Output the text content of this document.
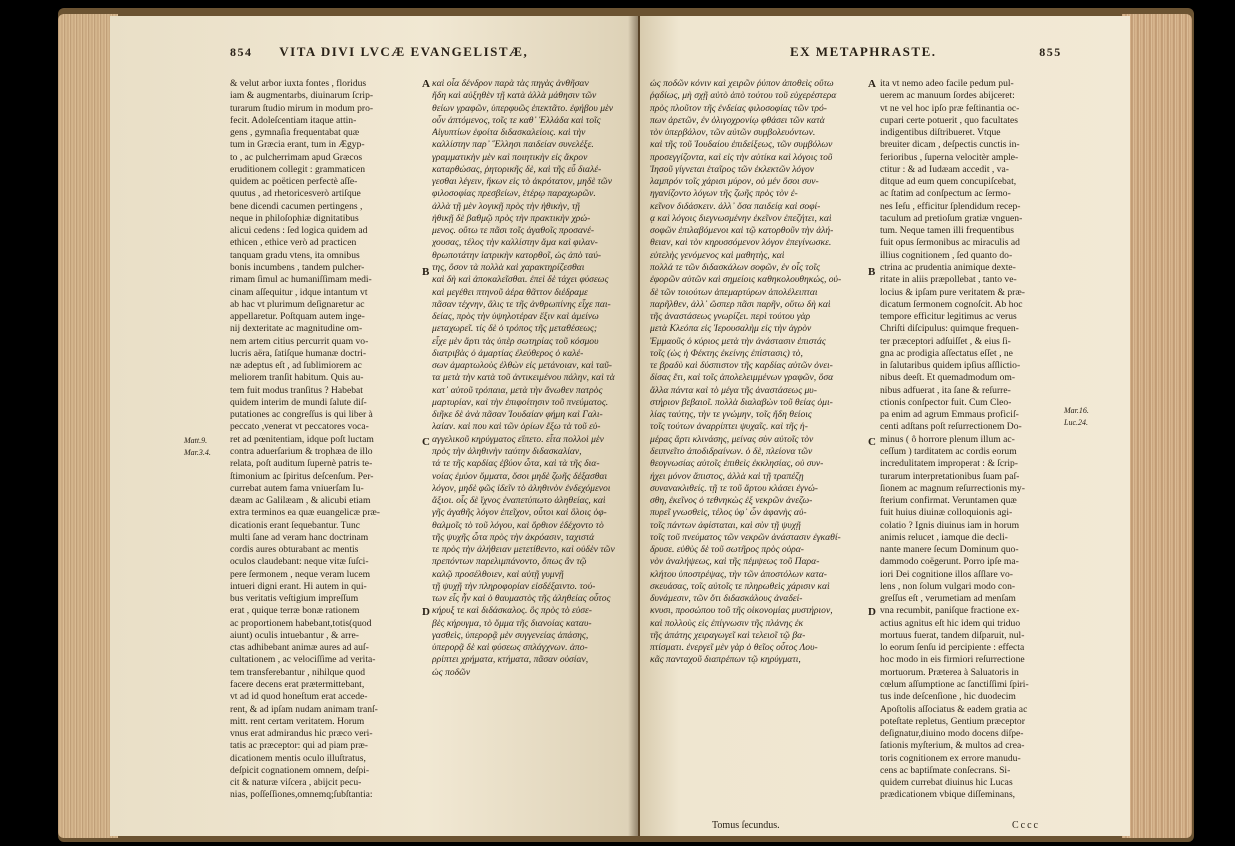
854 VITA DIVI LVCÆ EVANGELISTÆ,
& velut arbor iuxta fontes , floridus
iam & augmentarbs, diuinarum ſcrip-
turarum ſtudio mirum in modum pro-
fecit. Adoleſcentiam itaque attin-
gens , gymnaſia frequentabat quæ
tum in Græcia erant, tum in Ægyp-
to , ac pulcherrimam apud Græcos
eruditionem collegit : grammaticen
quidem ac poëticen perfectè aſſe-
quutus , ad rhetoricesverò artiſque
bene dicendi cacumen pertingens ,
neque in philoſophiæ dignitatibus
alicui cedens : ſed logica quidem ad
ethicen , ethice verò ad practicen
tanquam gradu vtens, ita omnibus
bonis incumbens , tandem pulcher-
rimam ſimul ac humaniſſimam medi-
cinam aſſequitur , idque intantum vt
ab hac vt plurimum deſignaretur ac
appellaretur. Poſtquam autem inge-
nij dexteritate ac magnitudine om-
nem artem citius percurrit quam vo-
lucris aëra, ſatiſque humanæ doctri-
næ adeptus eſt , ad ſublimiorem ac
meliorem tranſit habitum. Quis au-
tem fuit modus tranſitus ? Habebat
quidem interim de mundi ſalute diſ-
putationes ac congreſſus is qui liber à
peccato ,venerat vt peccatores voca-
ret ad pœnitentiam, idque poſt luctam
contra aduerſarium & trophæa de illo
relata, poſt auditum ſupernè patris te-
ſtimonium ac ſpiritus deſcenſum. Per-
currebat autem fama vniuerſam Iu-
dæam ac Galilæam , & alicubi etiam
extra terminos ea quæ euangelicæ præ-
dicationis erant ſequebantur. Tunc
multi ſane ad veram hanc doctrinam
cordis aures obturabant ac mentis
oculos claudebant: neque vitæ ſuſci-
pere ſermonem , neque veram lucem
intueri digni erant. Hi autem in qui-
bus veritatis veſtigium impreſſum
erat , quique terræ bonæ rationem
ac proportionem habebant,totis(quod
aiunt) oculis intuebantur , & arre-
ctas adhibebant animæ aures ad auſ-
cultationem , ac velociſſime ad verita-
tem transferebantur , nihilque quod
facere decens erat prætermittebant,
vt ad id quod honeſtum erat accede-
rent, & ad ipſam nudam animam tranſ-
mitt. rent certam veritatem. Horum
vnus erat admirandus hic præco veri-
tatis ac præceptor: qui ad piam præ-
dicationem mentis oculo illuſtratus,
deſpicit cognationem omnem, deſpi-
cit & naturæ viſcera , abijcit pecu-
nias, poſſeſſiones,omnemq;ſubſtantia:
καὶ οἷα δένδρον παρὰ τὰς πηγὰς ἀνθῆσαν
ἤδη καὶ αὐξηθὲν τῇ κατὰ ἀλλὰ μάθησιν τῶν
θείων γραφῶν, ὑπερφυῶς ἐπεκτᾶτο. ἐφήβου μὲν
οὖν ἁπτόμενος, τοῖς τε καθ᾽ Ἑλλάδα καὶ τοῖς
Αἰγυπτίων ἐφοίτα διδασκαλείοις. καὶ τὴν
καλλίστην παρ᾽ Ἕλλησι παιδείαν συνελέξε.
γραμματικὴν μὲν καὶ ποιητικὴν εἰς ἄκρον
καταρθώσας, ῥητορικῆς δὲ, καὶ τῆς εὖ διαλέ-
γεσθαι λέγειν, ἥκων εἰς τὸ ἀκρότατον, μηδὲ τῶν
φιλοσοφίας πρεσβείων, ἑτέρῳ παραχωρῶν.
ἀλλὰ τῇ μὲν λογικῇ πρὸς τὴν ἠθικὴν, τῇ
ἠθικῇ δὲ βαθμῷ πρὸς τὴν πρακτικὴν χρώ-
μενος. οὕτω τε πᾶσι τοῖς ἀγαθοῖς προσανέ-
χουσας, τέλος τὴν καλλίστην ἅμα καὶ φιλαν-
θρωποτάτην ἰατρικὴν κατορθοῖ, ὡς ἀπὸ ταύ-
της, ὅσον τὰ πολλὰ καὶ χαρακτηρίζεσθαι
καὶ δὴ καὶ ἀποκαλεῖσθαι. ἐπεὶ δὲ τάχει φύσεως
καὶ μεγέθει πτηνοῦ ἀέρα θᾶττον διέδραμε
πᾶσαν τέχνην, ἅλις τε τῆς ἀνθρωπίνης εἶχε παι-
δείας, πρὸς τὴν ὑψηλοτέραν ἕξιν καὶ ἀμείνω
μεταχωρεῖ. τίς δὲ ὁ τρόπος τῆς μεταθέσεως;
εἶχε μὲν ἄρτι τὰς ὑπὲρ σωτηρίας τοῦ κόσμου
διατριβὰς ὁ ἁμαρτίας ἐλεύθερος ὁ καλέ-
σων ἁμαρτωλοὺς ἐλθὼν εἰς μετάνοιαν, καὶ ταῦ-
τα μετὰ τὴν κατὰ τοῦ ἀντικειμένου πάλην, καὶ τὰ
κατ᾽ αὐτοῦ τρόπαια, μετὰ τὴν ἄνωθεν πατρὸς
μαρτυρίαν, καὶ τὴν ἐπιφοίτησιν τοῦ πνεύματος.
διῆκε δὲ ἀνὰ πᾶσαν Ἰουδαίαν φήμη καὶ Γαλι-
λαίαν. καὶ που καὶ τῶν ὁρίων ἔξω τὰ τοῦ εὐ-
αγγελικοῦ κηρύγματος εἵπετο. εἶτα πολλοὶ μὲν
πρὸς τὴν ἀληθινὴν ταύτην διδασκαλίαν,
τά τε τῆς καρδίας ἐβύον ὦτα, καὶ τὰ τῆς δια-
νοίας ἐμύον ὄμματα, ὅσοι μηδὲ ζωῆς δέξασθαι
λόγον, μηδὲ φῶς ἰδεῖν τὸ ἀληθινὸν ἐνδεχόμενοι
ἄξιοι. οἷς δὲ ἴχνος ἐναπετύπωτο ἀληθείας, καὶ
γῆς ἀγαθῆς λόγον ἐπεῖχον, οὗτοι καὶ ὅλοις ὀφ-
θαλμοῖς τὸ τοῦ λόγου, καὶ ὄρθιον ἐδέχοντο τὸ
τῆς ψυχῆς ὦτα πρὸς τὴν ἀκρόασιν, ταχιστά
τε πρὸς τὴν ἀλήθειαν μετετίθεντο, καὶ οὐδὲν τῶν
πρεπόντων παρελιμπάνοντο, ὅπως ἂν τῷ
καλῷ προσέλθοιεν, καὶ αὐτῇ γυμνῇ
τῇ ψυχῇ τὴν πληροφορίαν εἰσδέξαιντο. τού-
των εἷς ἦν καὶ ὁ θαυμαστὸς τῆς ἀληθείας οὗτος
κήρυξ τε καὶ διδάσκαλος. ὃς πρὸς τὸ εὐσε-
βὲς κήρυγμα, τὸ ὄμμα τῆς διανοίας καταυ-
γασθεὶς, ὑπερορᾷ μὲν συγγενείας ἁπάσης,
ὑπερορᾷ δὲ καὶ φύσεως σπλάγχνων. ἀπο-
ρρίπτει χρήματα, κτήματα, πᾶσαν οὐσίαν,
ὡς ποδῶν
A
B
C
D
Matt.9.
Mar.3.4.
EX METAPHRASTE.	855
ὡς ποδῶν κόνιν καὶ χειρῶν ῥύπον ἀποθεὶς οὕτω
ῥᾳδίως, μὴ σχῇ αὐτὸ ἀπὸ τούτου τοῦ εὐχερέστερα
πρὸς πλοῦτον τῆς ἐνδείας φιλοσοφίας τῶν τρό-
πων ἀρετῶν, ἐν ὀλιγοχρονίῳ φθάσει τῶν κατὰ
τὸν ὑπερβάλον, τῶν αὐτῶν συμβολευόντων.
καὶ τῆς τοῦ Ἰουδαίου ἐπιδείξεως, τῶν συμβόλων
προσεγγίζοντα, καὶ εἰς τὴν αὐτίκα καὶ λόγοις τοῦ
Ἰησοῦ γίγνεται ἑταῖρος τῶν ἐκλεκτῶν λόγον
λαμπρόν τοῖς χάρισι μύρον, οὐ μέν ὅσοι συν-
ηγανίζοντο λόγων τῆς ζωῆς πρὸς τὸν ἐ-
κεῖνον διδάσκειν. ἀλλ᾽ ὅσα παιδείᾳ καὶ σοφί-
ᾳ καὶ λόγοις διεγνωσμένην ἐκεῖνον ἐπεζήτει, καὶ
σοφῶν ἐπιλαβόμενοι καὶ τῷ κατορθοῦν τὴν ἀλή-
θειαν, καὶ τὸν κηρυσσόμενον λόγον ἐπεγίνωσκε.
εὐτελὴς γενόμενος καὶ μαθητὴς, καὶ
πολλά τε τῶν διδασκάλων σοφῶν, ἐν οἷς τοῖς
ἐφορῶν αὐτῶν καὶ σημείοις καθηκολουθηκώς, οὐ-
δὲ τῶν τοιούτων ἀπεμαρτύρων ἀπολέλειπται
παρῆλθεν, ἀλλ᾽ ὥσπερ πᾶσι παρῆν, οὕτω δὴ καὶ
τῆς ἀναστάσεως γνωρίζει. περὶ τούτου γὰρ
μετὰ Κλεόπα εἰς Ἱερουσαλὴμ εἰς τὴν ἀγρὸν
Ἐμμαοῦς ὁ κύριος μετὰ τὴν ἀνάστασιν ἐπιστάς
τοῖς (ὡς ἡ Φέκτης ἐκείνης ἐπίστασις) τὸ,
τε βραδὺ καὶ δύσπιστον τῆς καρδίας αὐτῶν ὀνει-
δίσας ἔτι, καὶ τοῖς ἀπολελειμμένων γραφῶν, ὅσα
ἄλλα πάντα καὶ τὸ μέγα τῆς ἀναστάσεως μυ-
στήριον βεβαιοῖ. πολλὰ διαλαβὼν τοῦ θείας ὁμι-
λίας ταύτης, τὴν τε γνώμην, τοῖς ἤδη θείοις
τοῖς τούτων ἀναρρίπτει ψυχαῖς. καὶ τῆς ἡ-
μέρας ἄρτι κλινάσης, μείνας σὺν αὐτοῖς τὸν
δειπνεῖτο ἀποδιδραίνων. ὁ δὲ, πλείονα τῶν
θεογνωσίας αὐτοῖς ἐπιθεὶς ἐκκλησίας, οὐ συν-
ήχει μόνον ἄπιστος, ἀλλὰ καὶ τῇ τραπέζῃ
συνανακλιθείς. τῇ τε τοῦ ἄρτου κλάσει ἐγνώ-
σθη, ἐκεῖνος ὁ τεθνηκὼς ἐξ νεκρῶν ἀνεζω-
πυρεῖ γνωσθεὶς, τέλος ὑφ᾽ ὧν ἀφανὴς αὐ-
τοῖς πάντων ἀφίσταται, καὶ σὺν τῇ ψυχῇ
τοῖς τοῦ πνεύματος τῶν νεκρῶν ἀνάστασιν ἐγκαθί-
δρυσε. εὐθὺς δὲ τοῦ σωτῆρος πρὸς οὐρα-
νὸν ἀναλήψεως, καὶ τῆς πέμψεως τοῦ Παρα-
κλήτου ὑποστρέψας, τὴν τῶν ἀποστόλων κατα-
σκευάσας, τοῖς αὐτοῖς τε πληρωθεὶς χάρισιν καὶ
δυνάμεσιν, τῶν ὅτι διδασκάλους ἀναδεί-
κνυσι, προσώπου τοῦ τῆς οἰκονομίας μυστήριον,
καὶ πολλοὺς εἰς ἐπίγνωσιν τῆς πλάνης ἐκ
τῆς ἀπάτης χειραγωγεῖ καὶ τελειοῖ τῷ βα-
πτίσματι. ἐνεργεῖ μὲν γὰρ ὁ θεῖος οὗτος Λου-
κᾶς πανταχοῦ διαπρέπων τῷ κηρύγματι,
ita vt nemo adeo facile pedum pul-
uerem ac manuum ſordes abijceret:
vt ne vel hoc ipſo præ feſtinantia oc-
cupari certe potuerit , quo facultates
indigentibus diſtribueret. Vtque
breuiter dicam , deſpectis cunctis in-
ferioribus , ſuperna velocitèr ample-
ctitur : & ad Iudæam accedit , va-
ditque ad eum quem concupiſcebat,
ac ſtatim ad conſpectum ac ſermo-
nes Ieſu , efficitur ſplendidum recep-
taculum ad pretioſum gratiæ vnguen-
tum. Neque tamen illi frequentibus
fuit opus ſermonibus ac miraculis ad
illius cognitionem , ſed quanto do-
ctrina ac prudentia animique dexte-
ritate in aliis præpollebat , tanto ve-
locius & ipſam pure veritatem & præ-
dicatum ſermonem cognoſcit. Ab hoc
tempore efficitur legitimus ac verus
Chriſti diſcipulus: quimque frequen-
ter præceptori adſuiſſet , & eius ſi-
gna ac prodigia aſſectatus eſſet , ne
in ſalutaribus quidem ipſius aſſlictio-
nibus deeſt. Et quemadmodum om-
nibus adfuerat , ita ſane & reſurre-
ctionis conſpector fuit. Cum Cleo-
pa enim ad agrum Emmaus proficiſ-
centi adſtans poſt reſurrectionem Do-
minus ( ô horrore plenum illum ac-
ceſſum ) tarditatem ac cordis eorum
incredulitatem improperat : & ſcrip-
turarum interpretationibus ſuam paſ-
ſionem ac magnum reſurrectionis my-
ſterium confirmat. Veruntamen quæ
fuit huius diuinæ colloquionis agi-
colatio ? Ignis diuinus iam in horum
animis relucet , iamque die decli-
nante manere ſecum Dominum quo-
dammodo coëgerunt. Porro ipſe ma-
iori Dei cognitione illos aſſlare vo-
lens , non ſolum vulgari modo con-
greſſus eſt , verumetiam ad menſam
vna recumbit, paniſque fractione ex-
actius agnitus eſt hic idem qui triduo
mortuus fuerat, tandem diſparuit, nul-
lo eorum ſenſu id percipiente : effecta
hoc modo in eis firmiori reſurrectione
mortuorum. Præterea à Saluatoris in
cœlum aſſumptione ac ſanctiſſimi ſpiri-
tus inde deſcenſione , hic duodecim
Apoſtolis aſſociatus & eadem gratia ac
poteſtate repletus, Gentium præceptor
deſignatur,diuino modo docens diſpe-
ſationis myſterium, & multos ad crea-
toris cognitionem ex errore manudu-
cens ac baptiſmate conſecrans. Si-
quidem currebat diuinus hic Lucas
prædicationem vbique diſſeminans,
A
B
C
D
Mar.16.
Luc.24.
Tomus ſecundus.	Cccc
